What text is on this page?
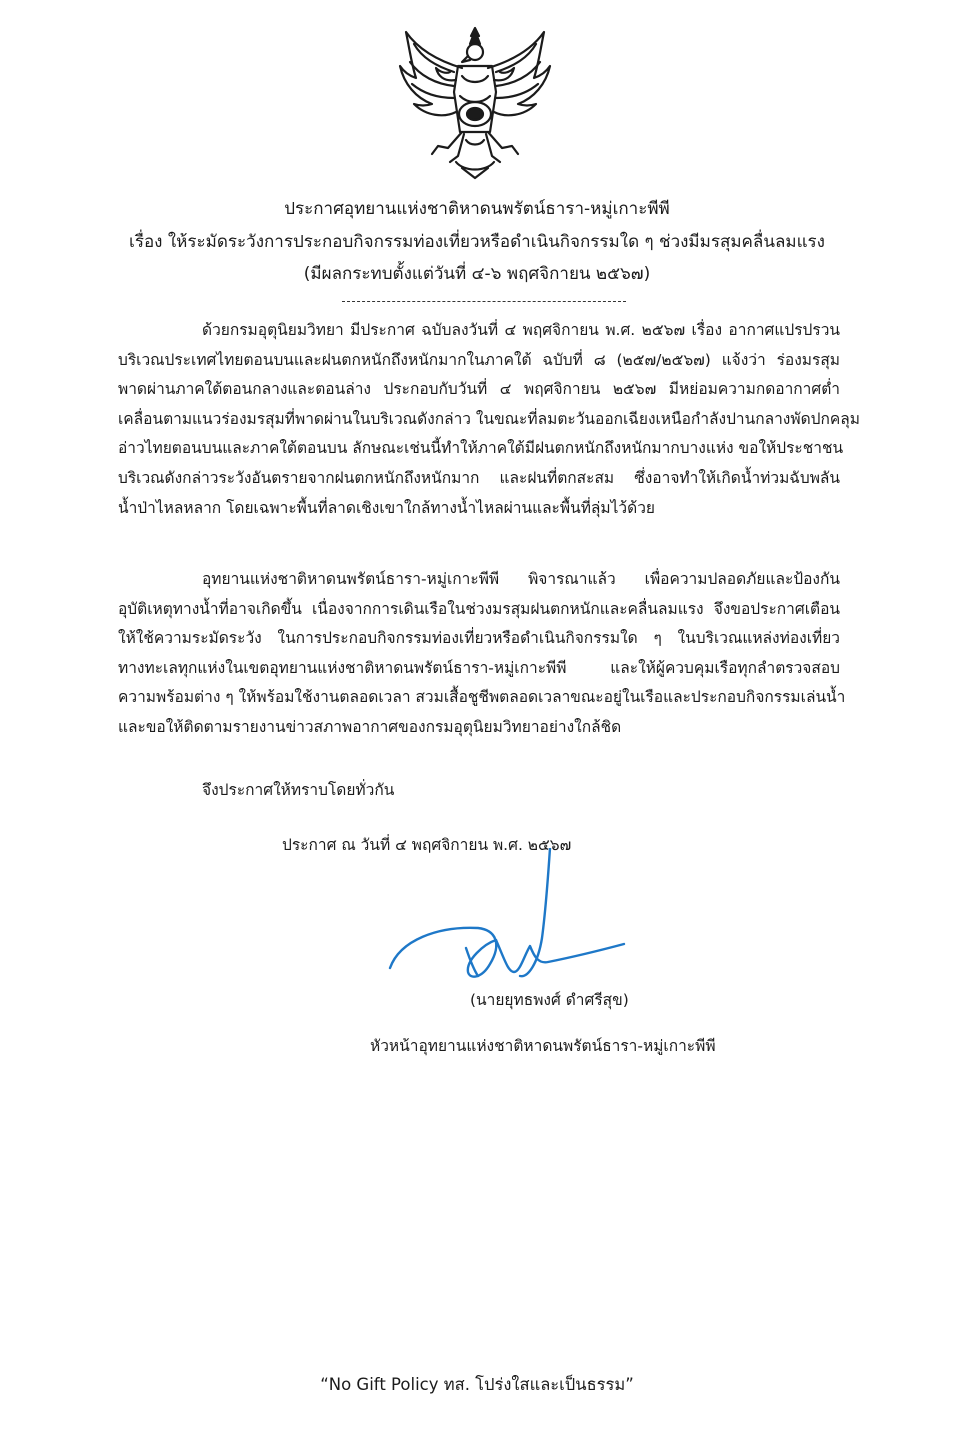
ประกาศอุทยานแห่งชาติหาดนพรัตน์ธารา-หมู่เกาะพีพี
เรื่อง ให้ระมัดระวังการประกอบกิจกรรมท่องเที่ยวหรือดำเนินกิจกรรมใด ๆ ช่วงมีมรสุมคลื่นลมแรง
(มีผลกระทบตั้งแต่วันที่ ๔-๖ พฤศจิกายน ๒๕๖๗)
ด้วยกรมอุตุนิยมวิทยา มีประกาศ ฉบับลงวันที่ ๔ พฤศจิกายน พ.ศ. ๒๕๖๗ เรื่อง อากาศแปรปรวน
บริเวณประเทศไทยตอนบนและฝนตกหนักถึงหนักมากในภาคใต้ ฉบับที่ ๘ (๒๕๗/๒๕๖๗) แจ้งว่า ร่องมรสุม
พาดผ่านภาคใต้ตอนกลางและตอนล่าง ประกอบกับวันที่ ๔ พฤศจิกายน ๒๕๖๗ มีหย่อมความกดอากาศต่ำ
เคลื่อนตามแนวร่องมรสุมที่พาดผ่านในบริเวณดังกล่าว ในขณะที่ลมตะวันออกเฉียงเหนือกำลังปานกลางพัดปกคลุม
อ่าวไทยตอนบนและภาคใต้ตอนบน ลักษณะเช่นนี้ทำให้ภาคใต้มีฝนตกหนักถึงหนักมากบางแห่ง ขอให้ประชาชน
บริเวณดังกล่าวระวังอันตรายจากฝนตกหนักถึงหนักมาก และฝนที่ตกสะสม ซึ่งอาจทำให้เกิดน้ำท่วมฉับพลัน
น้ำป่าไหลหลาก โดยเฉพาะพื้นที่ลาดเชิงเขาใกล้ทางน้ำไหลผ่านและพื้นที่ลุ่มไว้ด้วย
อุทยานแห่งชาติหาดนพรัตน์ธารา-หมู่เกาะพีพี พิจารณาแล้ว เพื่อความปลอดภัยและป้องกัน
อุบัติเหตุทางน้ำที่อาจเกิดขึ้น เนื่องจากการเดินเรือในช่วงมรสุมฝนตกหนักและคลื่นลมแรง จึงขอประกาศเตือน
ให้ใช้ความระมัดระวัง ในการประกอบกิจกรรมท่องเที่ยวหรือดำเนินกิจกรรมใด ๆ ในบริเวณแหล่งท่องเที่ยว
ทางทะเลทุกแห่งในเขตอุทยานแห่งชาติหาดนพรัตน์ธารา-หมู่เกาะพีพี และให้ผู้ควบคุมเรือทุกลำตรวจสอบ
ความพร้อมต่าง ๆ ให้พร้อมใช้งานตลอดเวลา สวมเสื้อชูชีพตลอดเวลาขณะอยู่ในเรือและประกอบกิจกรรมเล่นน้ำ
และขอให้ติดตามรายงานข่าวสภาพอากาศของกรมอุตุนิยมวิทยาอย่างใกล้ชิด
จึงประกาศให้ทราบโดยทั่วกัน
ประกาศ ณ วันที่ ๔ พฤศจิกายน พ.ศ. ๒๕๖๗
(นายยุทธพงศ์ ดำศรีสุข)
หัวหน้าอุทยานแห่งชาติหาดนพรัตน์ธารา-หมู่เกาะพีพี
“No Gift Policy ทส. โปร่งใสและเป็นธรรม”
